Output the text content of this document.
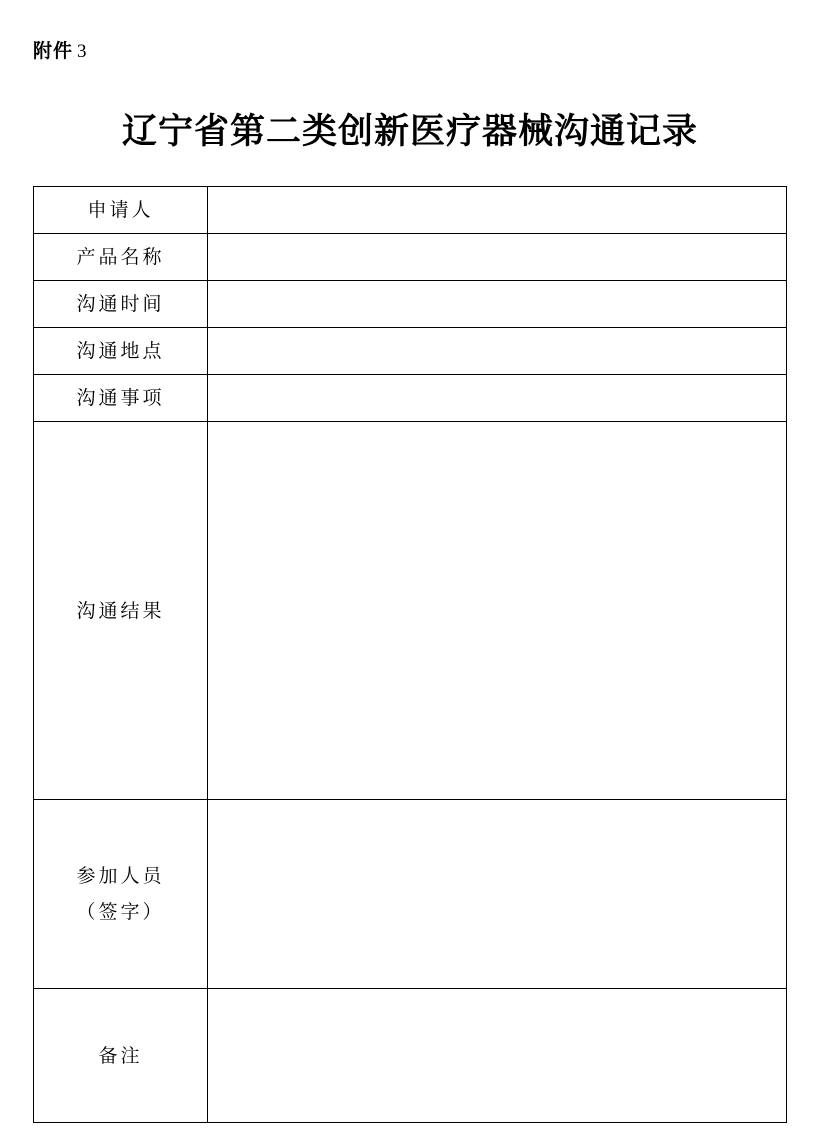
附件 3
辽宁省第二类创新医疗器械沟通记录
申请人	
产品名称	
沟通时间	
沟通地点	
沟通事项	
沟通结果	

参加人员
（签字）	

备注	
